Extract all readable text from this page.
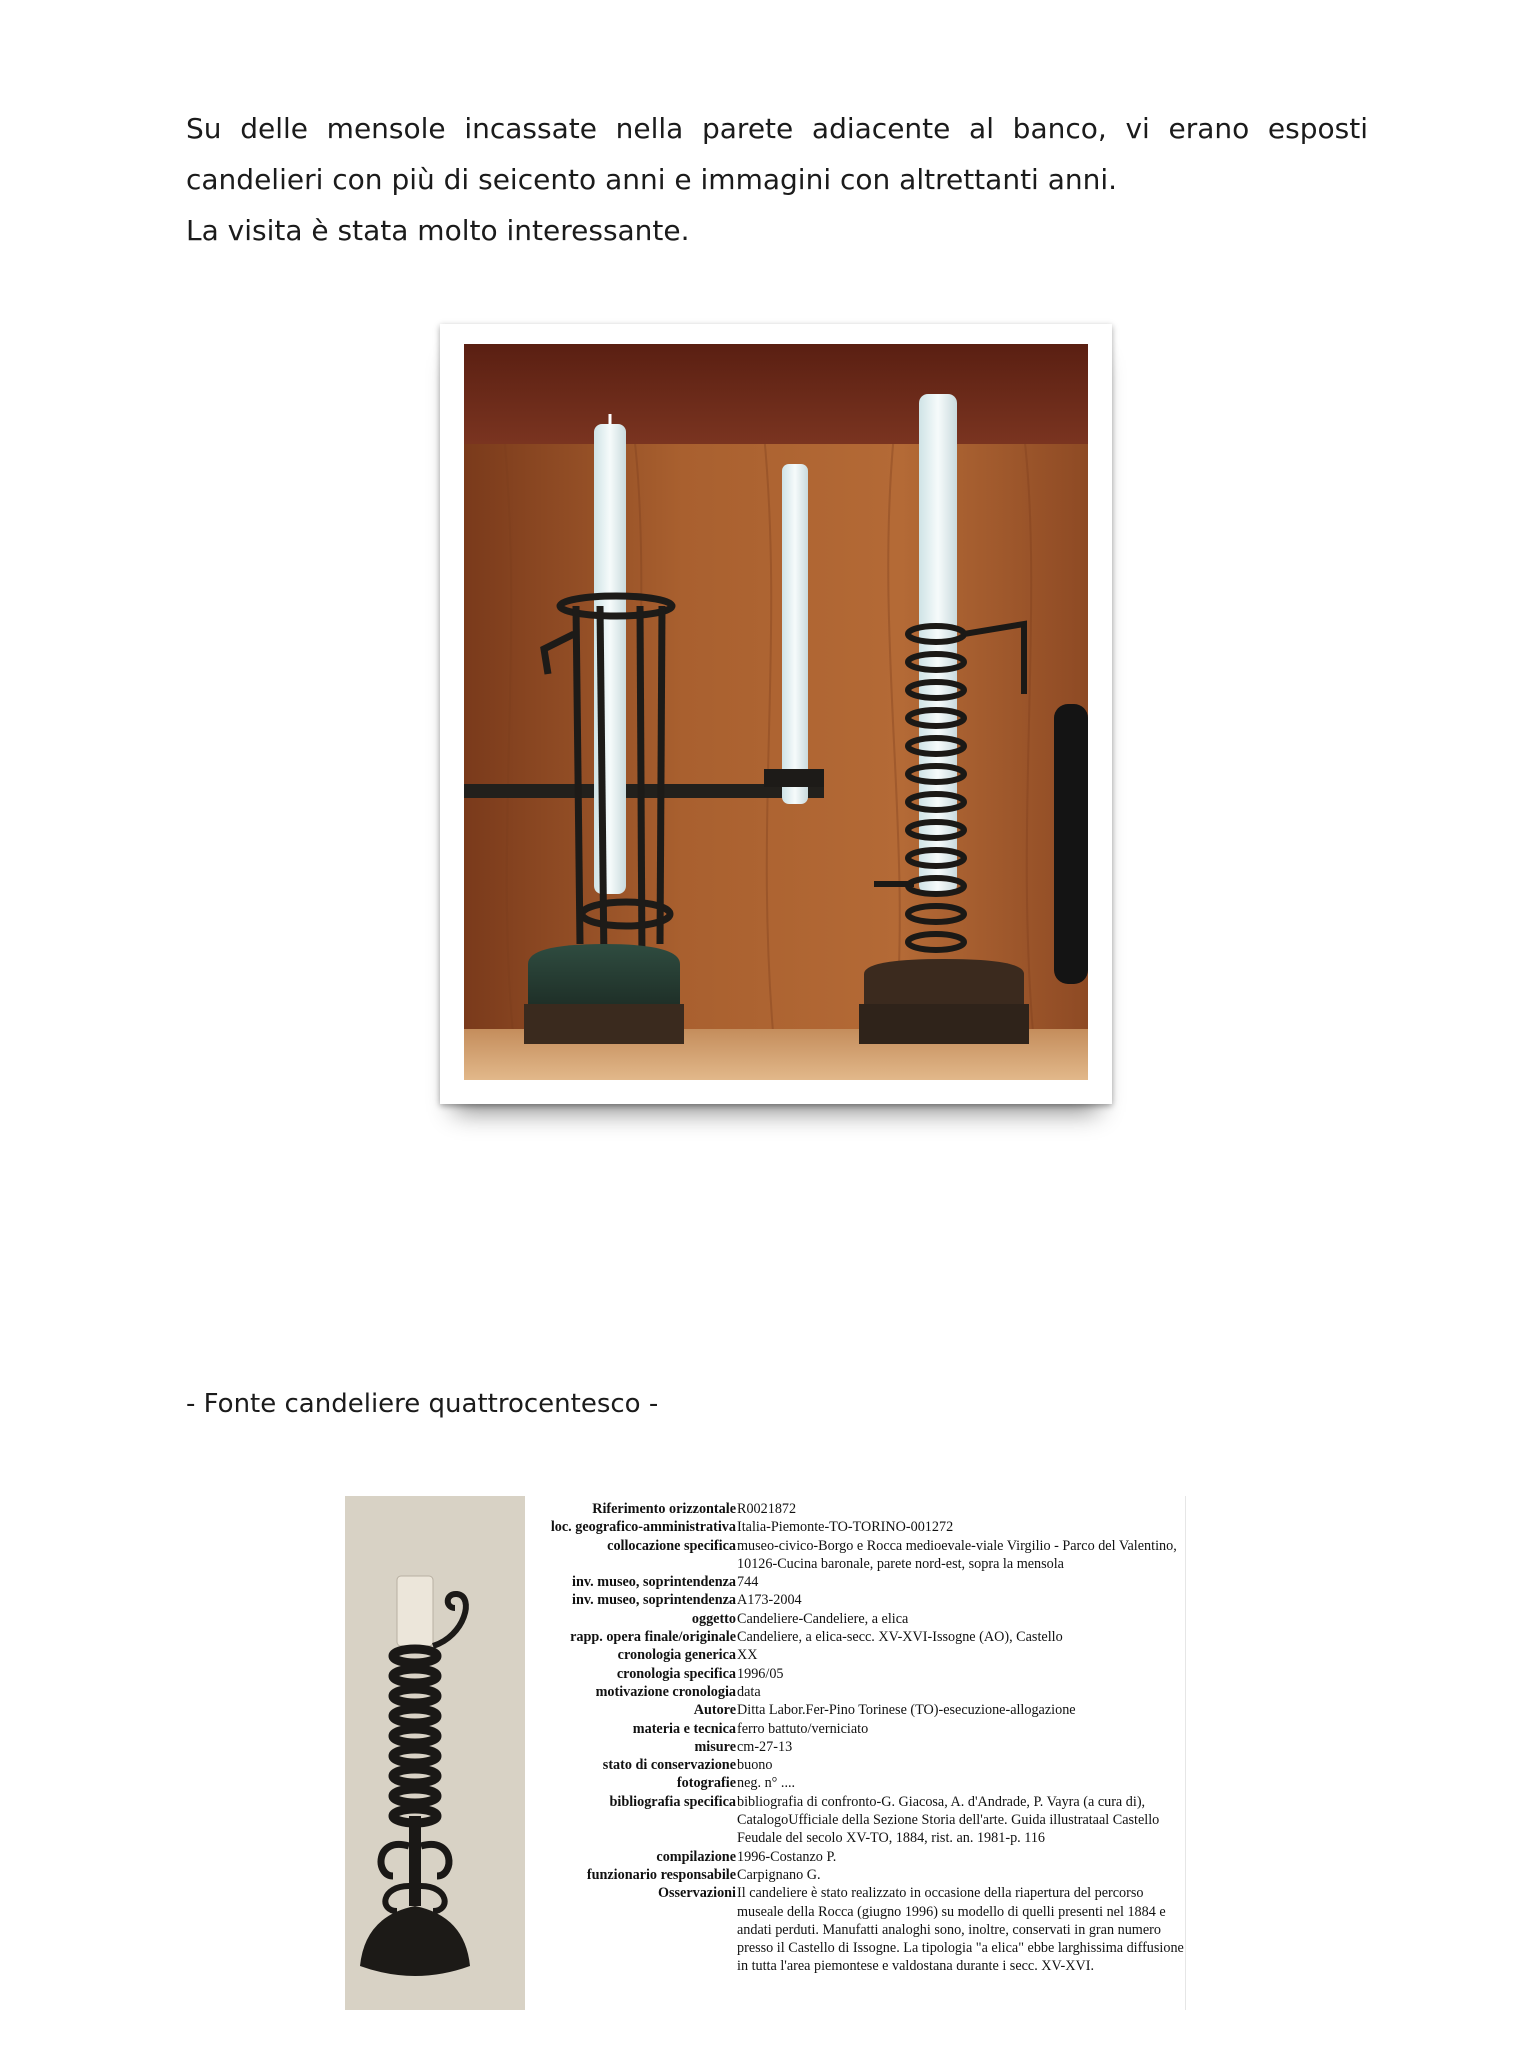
Su delle mensole incassate nella parete adiacente al banco, vi erano esposti
candelieri con più di seicento anni e immagini con altrettanti anni.
La visita è stata molto interessante.
- Fonte candeliere quattrocentesco -
Riferimento orizzontale R0021872
loc. geografico-amministrativa Italia-Piemonte-TO-TORINO-001272
collocazione specifica museo-civico-Borgo e Rocca medioevale-viale Virgilio - Parco del Valentino, 10126-Cucina baronale, parete nord-est, sopra la mensola
inv. museo, soprintendenza 744
inv. museo, soprintendenza A173-2004
oggetto Candeliere-Candeliere, a elica
rapp. opera finale/originale Candeliere, a elica-secc. XV-XVI-Issogne (AO), Castello
cronologia generica XX
cronologia specifica 1996/05
motivazione cronologia data
Autore Ditta Labor.Fer-Pino Torinese (TO)-esecuzione-allogazione
materia e tecnica ferro battuto/verniciato
misure cm-27-13
stato di conservazione buono
fotografie neg. n° ....
bibliografia specifica bibliografia di confronto-G. Giacosa, A. d'Andrade, P. Vayra (a cura di), CatalogoUfficiale della Sezione Storia dell'arte. Guida illustrataal Castello Feudale del secolo XV-TO, 1884, rist. an. 1981-p. 116
compilazione 1996-Costanzo P.
funzionario responsabile Carpignano G.
Osservazioni Il candeliere è stato realizzato in occasione della riapertura del percorso museale della Rocca (giugno 1996) su modello di quelli presenti nel 1884 e andati perduti. Manufatti analoghi sono, inoltre, conservati in gran numero presso il Castello di Issogne. La tipologia "a elica" ebbe larghissima diffusione in tutta l'area piemontese e valdostana durante i secc. XV-XVI.
